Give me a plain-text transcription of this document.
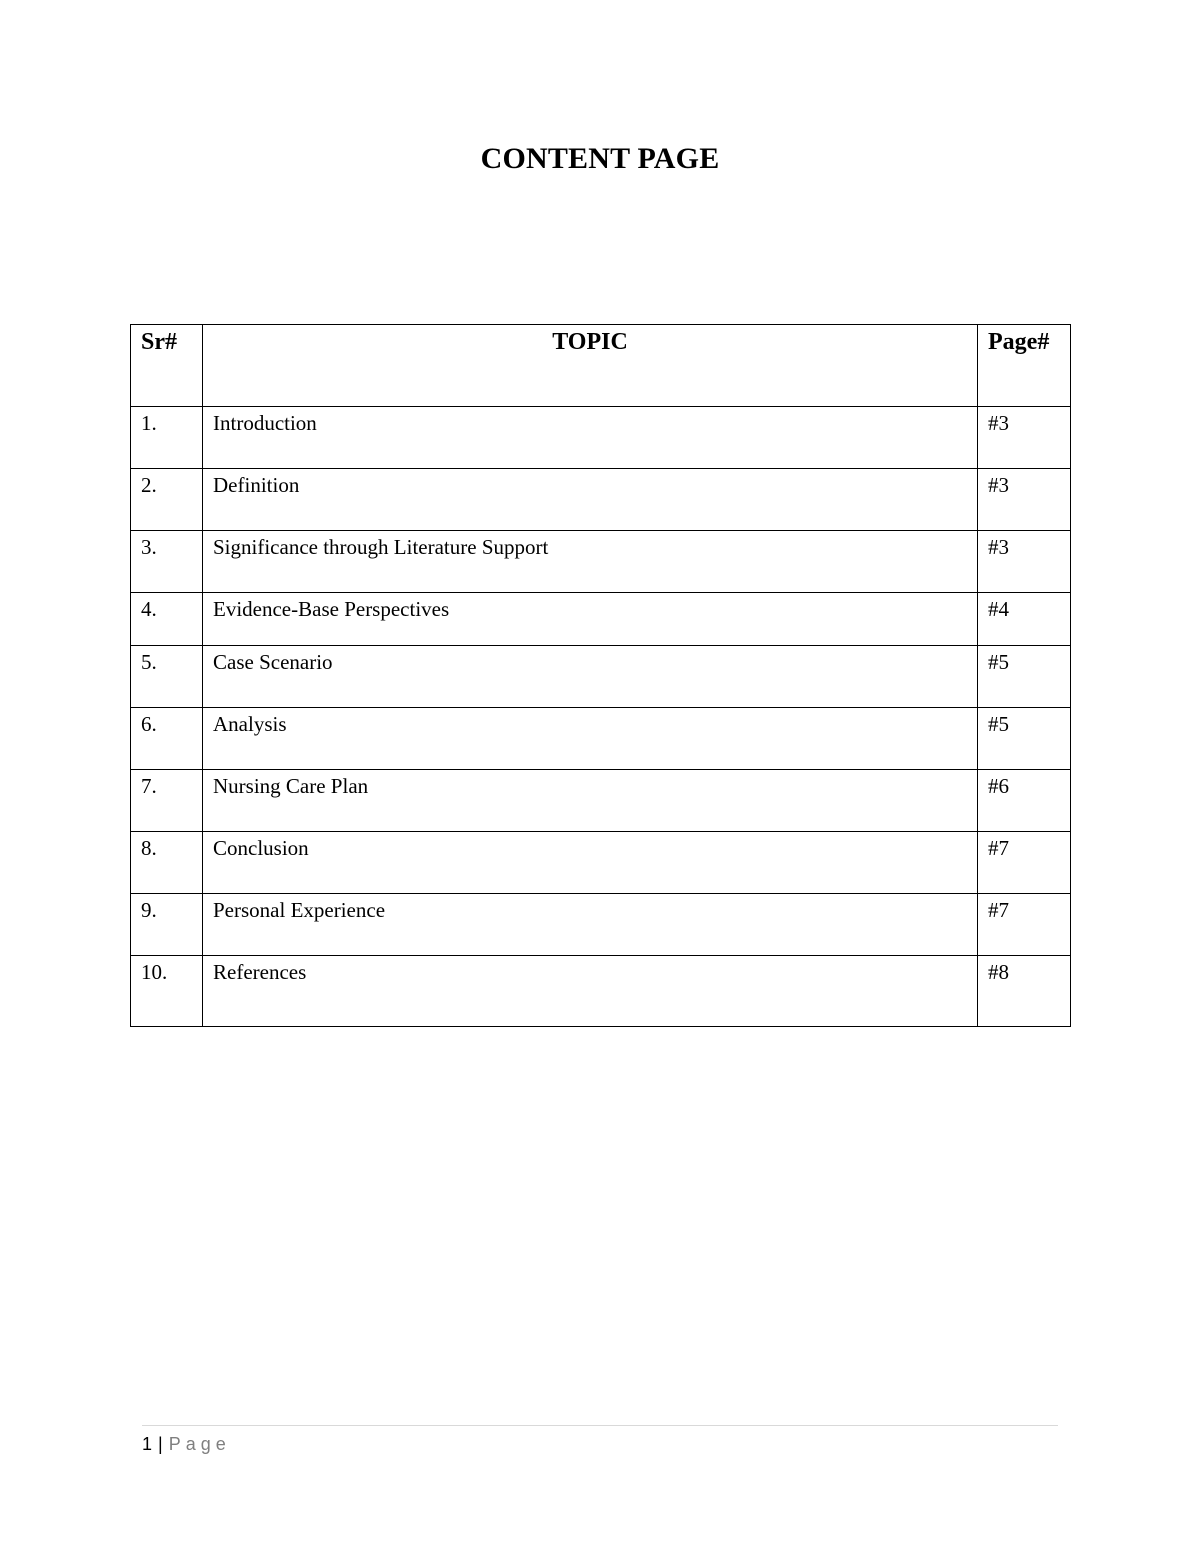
CONTENT PAGE
Sr#	TOPIC	Page#
1.	Introduction	#3
2.	Definition	#3
3.	Significance through Literature Support	#3
4.	Evidence-Base Perspectives	#4
5.	Case Scenario	#5
6.	Analysis	#5
7.	Nursing Care Plan	#6
8.	Conclusion	#7
9.	Personal Experience	#7
10.	References	#8
1 | Page
